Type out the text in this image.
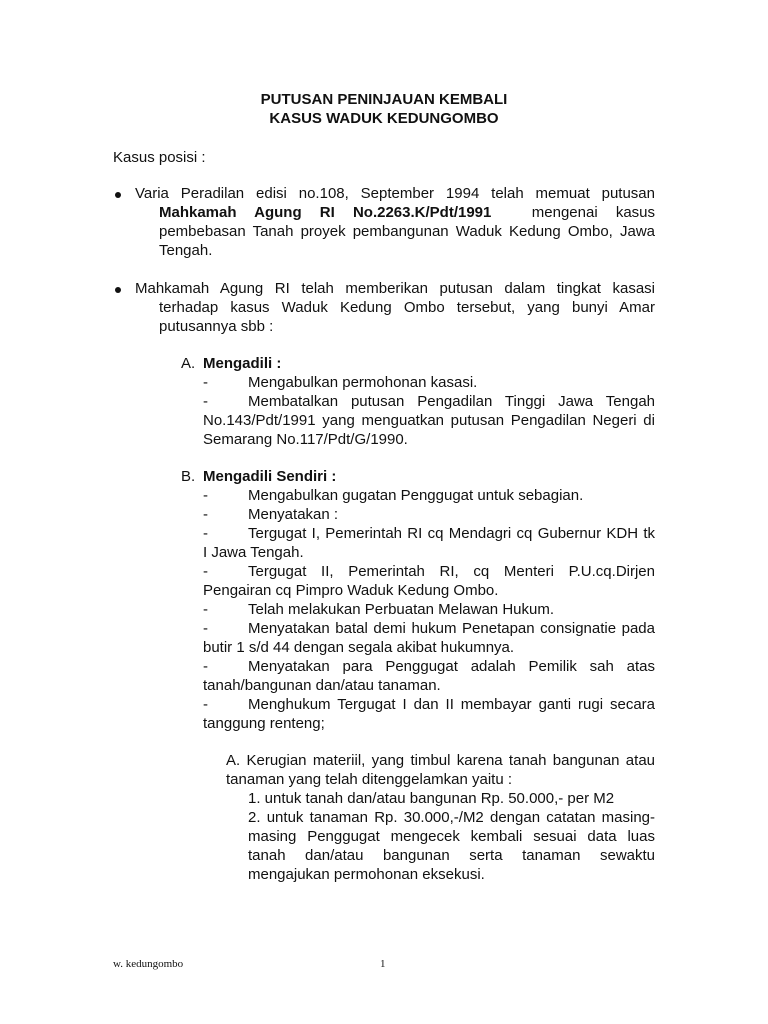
PUTUSAN PENINJAUAN KEMBALI
KASUS WADUK KEDUNGOMBO
Kasus posisi :
Varia Peradilan edisi no.108, September 1994 telah memuat putusan
Mahkamah Agung RI No.2263.K/Pdt/1991	mengenai kasus
pembebasan Tanah proyek pembangunan Waduk Kedung Ombo, Jawa
Tengah.
Mahkamah Agung RI telah memberikan putusan dalam tingkat kasasi
terhadap kasus Waduk Kedung Ombo tersebut, yang bunyi Amar
putusannya sbb :
A. Mengadili :
-	Mengabulkan permohonan kasasi.
-	Membatalkan putusan Pengadilan Tinggi Jawa Tengah
No.143/Pdt/1991 yang menguatkan putusan Pengadilan Negeri di
Semarang No.117/Pdt/G/1990.
B. Mengadili Sendiri :
-	Mengabulkan gugatan Penggugat untuk sebagian.
-	Menyatakan :
-	Tergugat I, Pemerintah RI cq Mendagri cq Gubernur KDH tk
I Jawa Tengah.
-	Tergugat II, Pemerintah RI, cq Menteri P.U.cq.Dirjen
Pengairan cq Pimpro Waduk Kedung Ombo.
-	Telah melakukan Perbuatan Melawan Hukum.
-	Menyatakan batal demi hukum Penetapan consignatie pada
butir 1 s/d 44 dengan segala akibat hukumnya.
-	Menyatakan para Penggugat adalah Pemilik sah atas
tanah/bangunan dan/atau tanaman.
-	Menghukum Tergugat I dan II membayar ganti rugi secara
tanggung renteng;
A. Kerugian materiil, yang timbul karena tanah bangunan atau
tanaman yang telah ditenggelamkan yaitu :
1. untuk tanah dan/atau bangunan Rp. 50.000,- per M2
2. untuk tanaman Rp. 30.000,-/M2 dengan catatan masing-
masing Penggugat mengecek kembali sesuai data luas
tanah dan/atau bangunan serta tanaman sewaktu
mengajukan permohonan eksekusi.
w. kedungombo	1
